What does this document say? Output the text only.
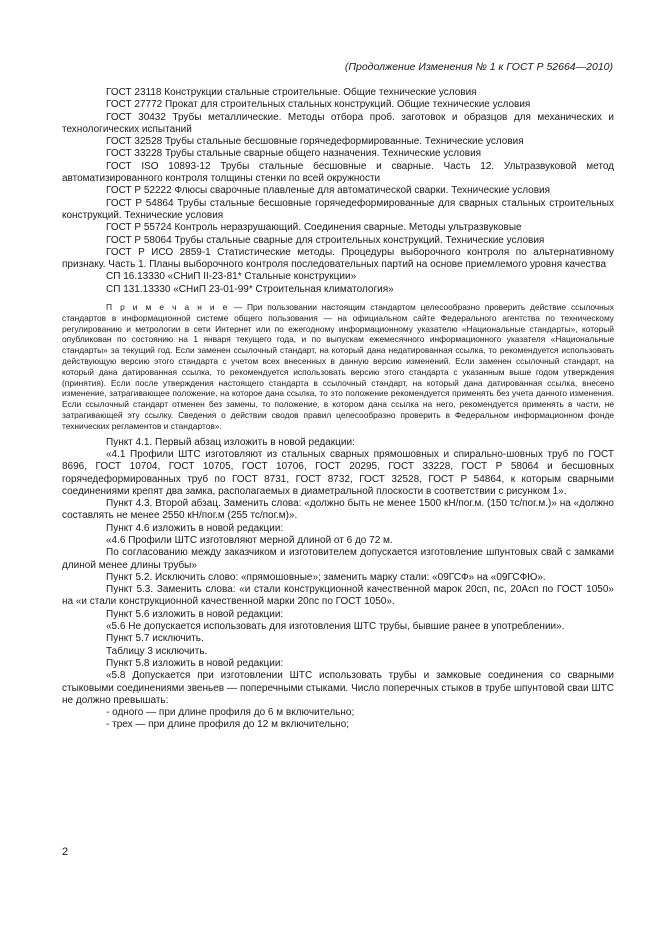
(Продолжение Изменения № 1 к ГОСТ Р 52664—2010)

ГОСТ 23118 Конструкции стальные строительные. Общие технические условия

ГОСТ 27772 Прокат для строительных стальных конструкций. Общие технические условия

ГОСТ 30432 Трубы металлические. Методы отбора проб. заготовок и образцов для механических и технологических испытаний

ГОСТ 32528 Трубы стальные бесшовные горячедеформированные. Технические условия

ГОСТ 33228 Трубы стальные сварные общего назначения. Технические условия

ГОСТ ISO 10893-12 Трубы стальные бесшовные и сварные. Часть 12. Ультразвуковой метод автоматизированного контроля толщины стенки по всей окружности

ГОСТ Р 52222 Флюсы сварочные плавленые для автоматической сварки. Технические условия

ГОСТ Р 54864 Трубы стальные бесшовные горячедеформированные для сварных стальных строительных конструкций. Технические условия

ГОСТ Р 55724 Контроль неразрушающий. Соединения сварные. Методы ультразвуковые

ГОСТ Р 58064 Трубы стальные сварные для строительных конструкций. Технические условия

ГОСТ Р ИСО 2859-1 Статистические методы. Процедуры выборочного контроля по альтернативному признаку. Часть 1. Планы выборочного контроля последовательных партий на основе приемлемого уровня качества

СП 16.13330 «СНиП II-23-81* Стальные конструкции»

СП 131.13330 «СНиП 23-01-99* Строительная климатология»

П р и м е ч а н и е — При пользовании настоящим стандартом целесообразно проверить действие ссылочных стандартов в информационной системе общего пользования — на официальном сайте Федерального агентства по техническому регулированию и метрологии в сети Интернет или по ежегодному информационному указателю «Национальные стандарты», который опубликован по состоянию на 1 января текущего года, и по выпускам ежемесячного информационного указателя «Национальные стандарты» за текущий год. Если заменен ссылочный стандарт, на который дана недатированная ссылка, то рекомендуется использовать действующую версию этого стандарта с учетом всех внесенных в данную версию изменений. Если заменен ссылочный стандарт, на который дана датированная ссылка, то рекомендуется использовать версию этого стандарта с указанным выше годом утверждения (принятия). Если после утверждения настоящего стандарта в ссылочный стандарт, на который дана датированная ссылка, внесено изменение, затрагивающее положение, на которое дана ссылка, то это положение рекомендуется применять без учета данного изменения. Если ссылочный стандарт отменен без замены, то положение, в котором дана ссылка на него, рекомендуется применять в части, не затрагивающей эту ссылку. Сведения о действии сводов правил целесообразно проверить в Федеральном информационном фонде технических регламентов и стандартов».

Пункт 4.1. Первый абзац изложить в новой редакции:

«4.1 Профили ШТС изготовляют из стальных сварных прямошовных и спирально-шовных труб по ГОСТ 8696, ГОСТ 10704, ГОСТ 10705, ГОСТ 10706, ГОСТ 20295, ГОСТ 33228, ГОСТ Р 58064 и бесшовных горячедеформированных труб по ГОСТ 8731, ГОСТ 8732, ГОСТ 32528, ГОСТ Р 54864, к которым сварными соединениями крепят два замка, располагаемых в диаметральной плоскости в соответствии с рисунком 1».

Пункт 4.3. Второй абзац. Заменить слова: «должно быть не менее 1500 кН/пог.м. (150 тс/пог.м.)» на «должно составлять не менее 2550 кН/пог.м (255 тс/пог.м)».

Пункт 4.6 изложить в новой редакции:

«4.6 Профили ШТС изготовляют мерной длиной от 6 до 72 м.

По согласованию между заказчиком и изготовителем допускается изготовление шпунтовых свай с замками длиной менее длины трубы»

Пункт 5.2. Исключить слово: «прямошовные»; заменить марку стали: «09ГСФ» на «09ГСФЮ».

Пункт 5.3. Заменить слова: «и стали конструкционной качественной марок 20сп, пс, 20Асп по ГОСТ 1050» на «и стали конструкционной качественной марки 20пс по ГОСТ 1050».

Пункт 5.6 изложить в новой редакции:

«5.6 Не допускается использовать для изготовления ШТС трубы, бывшие ранее в употреблении».

Пункт 5.7 исключить.

Таблицу 3 исключить.

Пункт 5.8 изложить в новой редакции:

«5.8 Допускается при изготовлении ШТС использовать трубы и замковые соединения со сварными стыковыми соединениями звеньев — поперечными стыками. Число поперечных стыков в трубе шпунтовой сваи ШТС не должно превышать:

- одного — при длине профиля до 6 м включительно;

- трех — при длине профиля до 12 м включительно;

2
